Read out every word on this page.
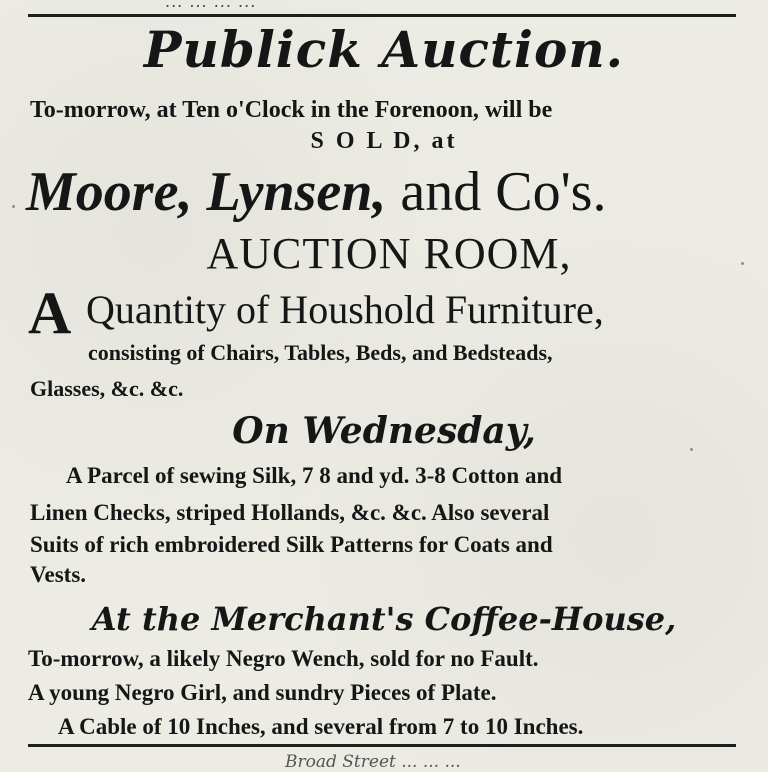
... ... ... ...
Publick Auction.
To-morrow, at Ten o'Clock in the Forenoon, will be
S O L D, at
Moore, Lynsen, and Co's.
AUCTION ROOM,
A Quantity of Houshold Furniture,
consisting of Chairs, Tables, Beds, and Bedsteads,
Glasses, &c. &c.
On Wednesday,
A Parcel of sewing Silk, 7 8 and yd. 3-8 Cotton and
Linen Checks, striped Hollands, &c. &c. Also several
Suits of rich embroidered Silk Patterns for Coats and
Vests.
At the Merchant's Coffee-House,
To-morrow, a likely Negro Wench, sold for no Fault.
A young Negro Girl, and sundry Pieces of Plate.
A Cable of 10 Inches, and several from 7 to 10 Inches.
Broad Street ... ... ...
